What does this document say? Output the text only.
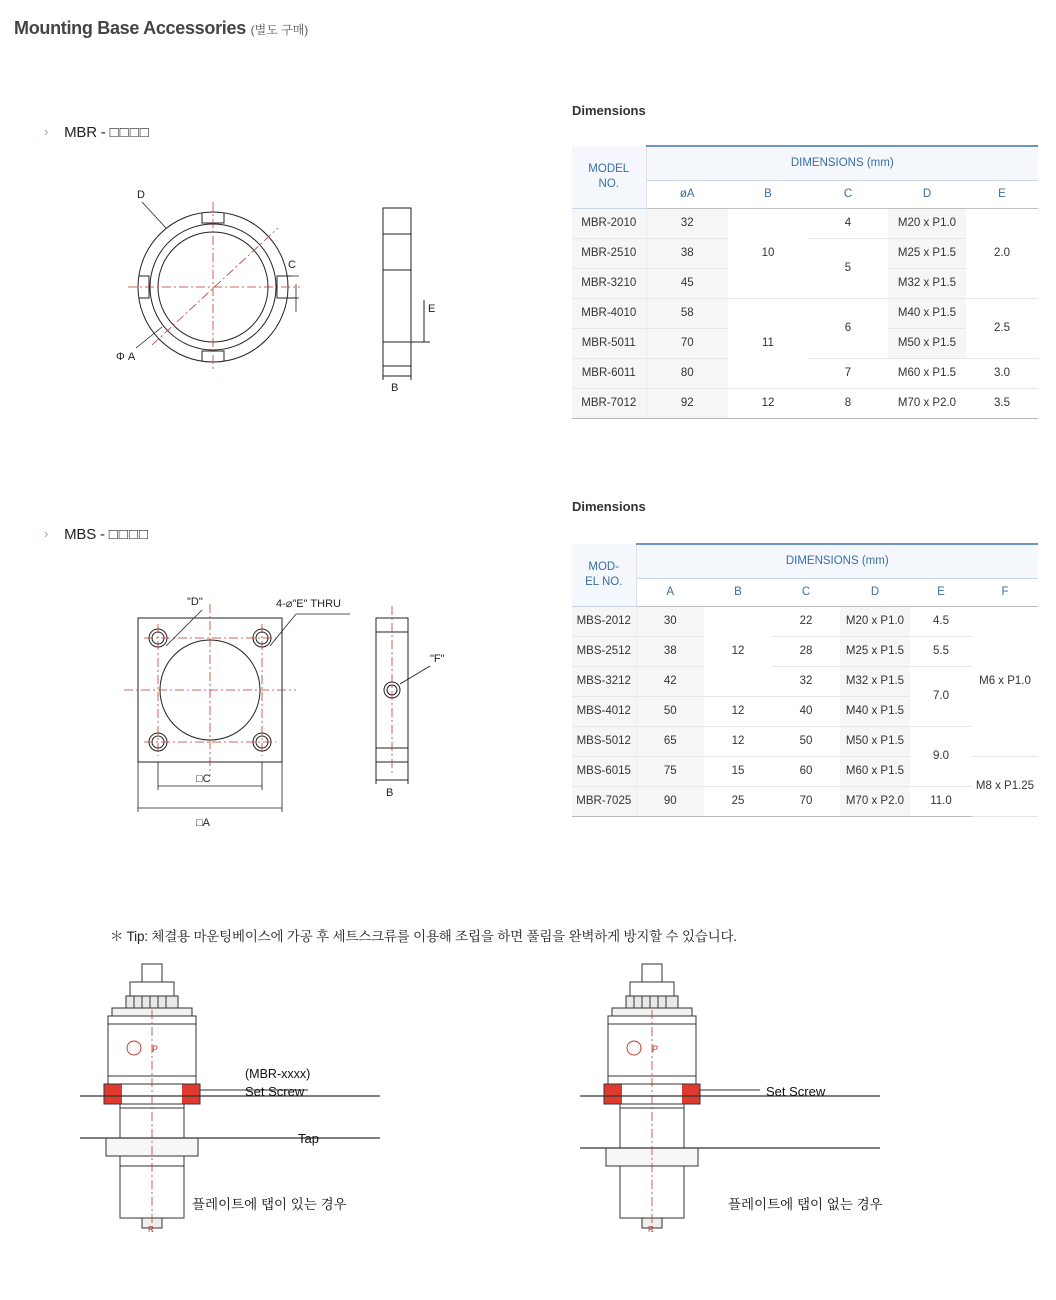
Mounting Base Accessories (별도 구매)
› MBR - □□□□
D
C
Φ A
B
E
Dimensions
MODEL
NO.	DIMENSIONS (mm)				
	øA	B	C	D	E
MBR-2010	32	10	4	M20 x P1.0	2.0
MBR-2510	38		5	M25 x P1.5	
MBR-3210	45			M32 x P1.5	
MBR-4010	58	11	6	M40 x P1.5	2.5
MBR-5011	70			M50 x P1.5	
MBR-6011	80		7	M60 x P1.5	3.0
MBR-7012	92	12	8	M70 x P2.0	3.5
› MBS - □□□□
"D"	4-⌀"E" THRU
□C
□A
"F"
B
Dimensions
MOD-
EL NO.	DIMENSIONS (mm)					
	A	B	C	D	E	F
MBS-2012	30	12	22	M20 x P1.0	4.5	M6 x P1.0
MBS-2512	38		28	M25 x P1.5	5.5	
MBS-3212	42		32	M32 x P1.5	7.0	
MBS-4012	50	12	40	M40 x P1.5		
MBS-5012	65	12	50	M50 x P1.5	9.0	
MBS-6015	75	15	60	M60 x P1.5		M8 x P1.25
MBR-7025	90	25	70	M70 x P2.0	11.0	
＊ Tip: 체결용 마운팅베이스에 가공 후 세트스크류를 이용해 조립을 하면 풀림을 완벽하게 방지할 수 있습니다.
P
R
(MBR-xxxx)
Set Screw
Tap
플레이트에 탭이 있는 경우
P
R
Set Screw
플레이트에 탭이 없는 경우
